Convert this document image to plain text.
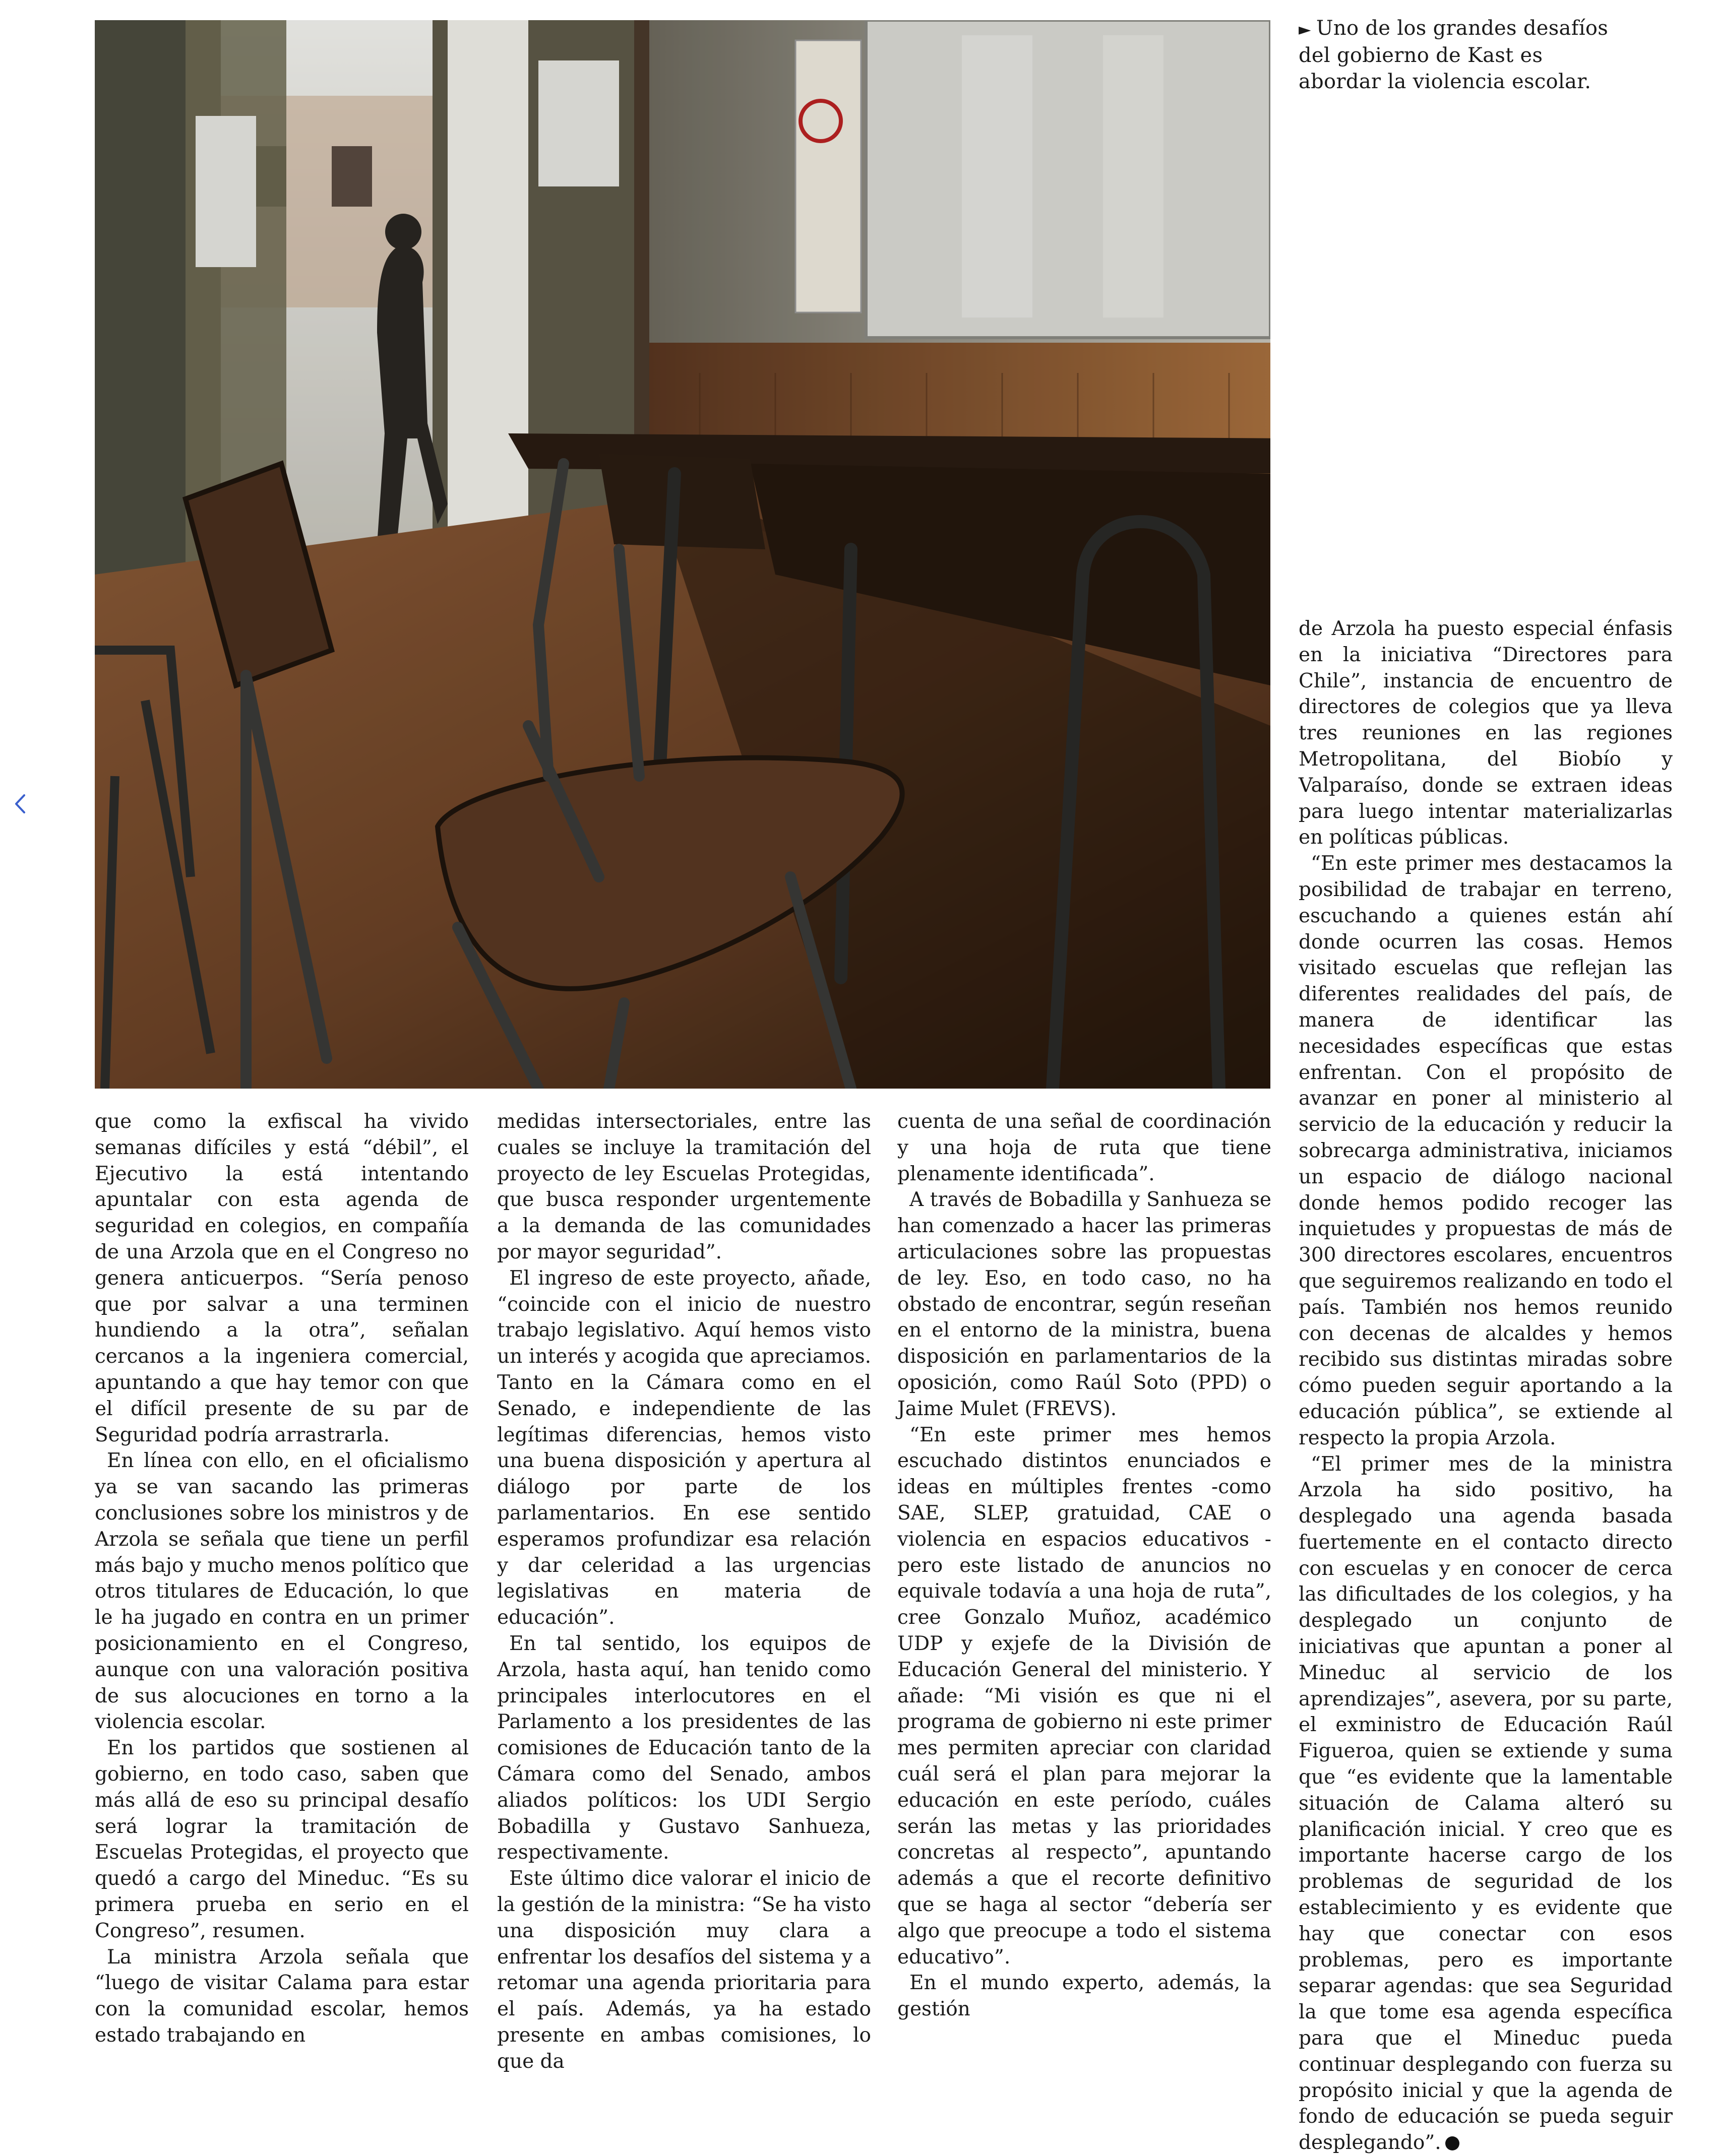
► Uno de los grandes desafíos del gobierno de Kast es abordar la violencia escolar.

que como la exfiscal ha vivido semanas difíciles y está “débil”, el Ejecutivo la está intentando apuntalar con esta agenda de seguridad en colegios, en compañía de una Arzola que en el Congreso no genera anticuerpos. “Sería penoso que por salvar a una terminen hundiendo a la otra”, señalan cercanos a la ingeniera comercial, apuntando a que hay temor con que el difícil presente de su par de Seguridad podría arrastrarla.

En línea con ello, en el oficialismo ya se van sacando las primeras conclusiones sobre los ministros y de Arzola se señala que tiene un perfil más bajo y mucho menos político que otros titulares de Educación, lo que le ha jugado en contra en un primer posicionamiento en el Congreso, aunque con una valoración positiva de sus alocuciones en torno a la violencia escolar.

En los partidos que sostienen al gobierno, en todo caso, saben que más allá de eso su principal desafío será lograr la tramitación de Escuelas Protegidas, el proyecto que quedó a cargo del Mineduc. “Es su primera prueba en serio en el Congreso”, resumen.

La ministra Arzola señala que “luego de visitar Calama para estar con la comunidad escolar, hemos estado trabajando en

medidas intersectoriales, entre las cuales se incluye la tramitación del proyecto de ley Escuelas Protegidas, que busca responder urgentemente a la demanda de las comunidades por mayor seguridad”.

El ingreso de este proyecto, añade, “coincide con el inicio de nuestro trabajo legislativo. Aquí hemos visto un interés y acogida que apreciamos. Tanto en la Cámara como en el Senado, e independiente de las legítimas diferencias, hemos visto una buena disposición y apertura al diálogo por parte de los parlamentarios. En ese sentido esperamos profundizar esa relación y dar celeridad a las urgencias legislativas en materia de educación”.

En tal sentido, los equipos de Arzola, hasta aquí, han tenido como principales interlocutores en el Parlamento a los presidentes de las comisiones de Educación tanto de la Cámara como del Senado, ambos aliados políticos: los UDI Sergio Bobadilla y Gustavo Sanhueza, respectivamente.

Este último dice valorar el inicio de la gestión de la ministra: “Se ha visto una disposición muy clara a enfrentar los desafíos del sistema y a retomar una agenda prioritaria para el país. Además, ya ha estado presente en ambas comisiones, lo que da

cuenta de una señal de coordinación y una hoja de ruta que tiene plenamente identificada”.

A través de Bobadilla y Sanhueza se han comenzado a hacer las primeras articulaciones sobre las propuestas de ley. Eso, en todo caso, no ha obstado de encontrar, según reseñan en el entorno de la ministra, buena disposición en parlamentarios de la oposición, como Raúl Soto (PPD) o Jaime Mulet (FREVS).

“En este primer mes hemos escuchado distintos enunciados e ideas en múltiples frentes -como SAE, SLEP, gratuidad, CAE o violencia en espacios educativos - pero este listado de anuncios no equivale todavía a una hoja de ruta”, cree Gonzalo Muñoz, académico UDP y exjefe de la División de Educación General del ministerio. Y añade: “Mi visión es que ni el programa de gobierno ni este primer mes permiten apreciar con claridad cuál será el plan para mejorar la educación en este período, cuáles serán las metas y las prioridades concretas al respecto”, apuntando además a que el recorte definitivo que se haga al sector “debería ser algo que preocupe a todo el sistema educativo”.

En el mundo experto, además, la gestión

de Arzola ha puesto especial énfasis en la iniciativa “Directores para Chile”, instancia de encuentro de directores de colegios que ya lleva tres reuniones en las regiones Metropolitana, del Biobío y Valparaíso, donde se extraen ideas para luego intentar materializarlas en políticas públicas.

“En este primer mes destacamos la posibilidad de trabajar en terreno, escuchando a quienes están ahí donde ocurren las cosas. Hemos visitado escuelas que reflejan las diferentes realidades del país, de manera de identificar las necesidades específicas que estas enfrentan. Con el propósito de avanzar en poner al ministerio al servicio de la educación y reducir la sobrecarga administrativa, iniciamos un espacio de diálogo nacional donde hemos podido recoger las inquietudes y propuestas de más de 300 directores escolares, encuentros que seguiremos realizando en todo el país. También nos hemos reunido con decenas de alcaldes y hemos recibido sus distintas miradas sobre cómo pueden seguir aportando a la educación pública”, se extiende al respecto la propia Arzola.

“El primer mes de la ministra Arzola ha sido positivo, ha desplegado una agenda basada fuertemente en el contacto directo con escuelas y en conocer de cerca las dificultades de los colegios, y ha desplegado un conjunto de iniciativas que apuntan a poner al Mineduc al servicio de los aprendizajes”, asevera, por su parte, el exministro de Educación Raúl Figueroa, quien se extiende y suma que “es evidente que la lamentable situación de Calama alteró su planificación inicial. Y creo que es importante hacerse cargo de los problemas de seguridad de los establecimiento y es evidente que hay que conectar con esos problemas, pero es importante separar agendas: que sea Seguridad la que tome esa agenda específica para que el Mineduc pueda continuar desplegando con fuerza su propósito inicial y que la agenda de fondo de educación se pueda seguir desplegando”.
